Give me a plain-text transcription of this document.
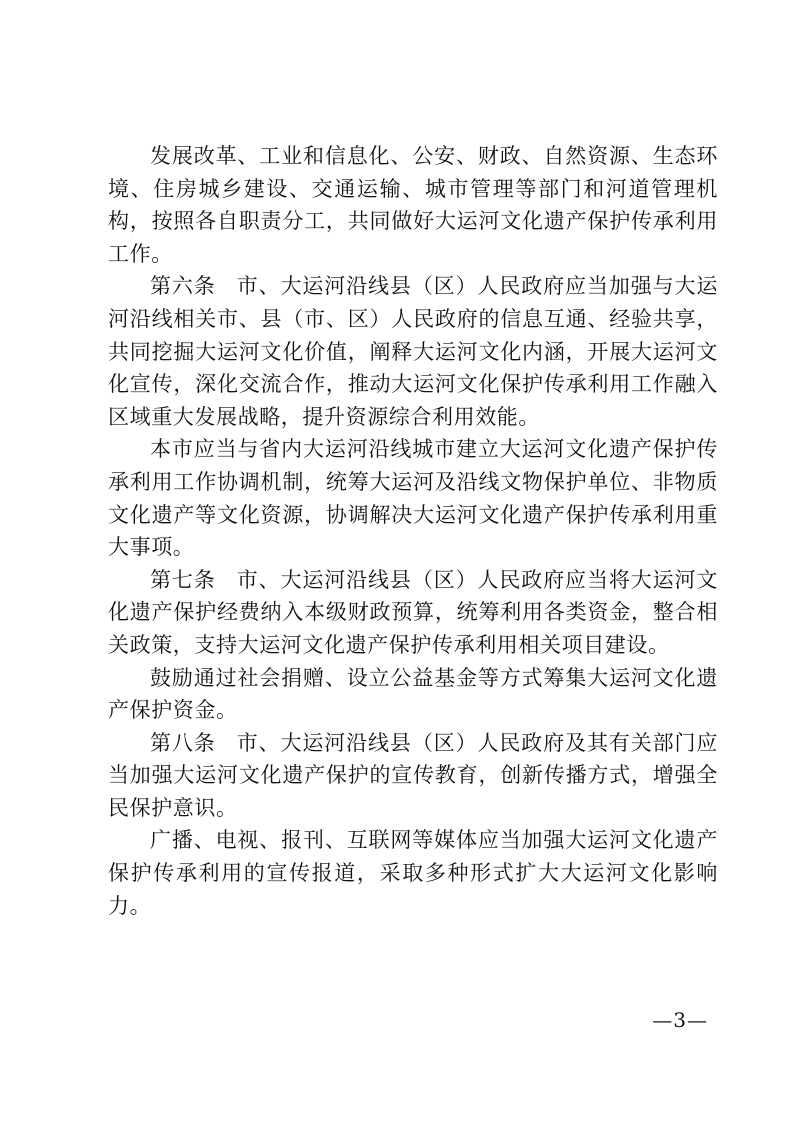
发展改革、工业和信息化、公安、财政、自然资源、生态环境、住房城乡建设、交通运输、城市管理等部门和河道管理机构，按照各自职责分工，共同做好大运河文化遗产保护传承利用工作。

第六条 市、大运河沿线县（区）人民政府应当加强与大运河沿线相关市、县（市、区）人民政府的信息互通、经验共享，共同挖掘大运河文化价值，阐释大运河文化内涵，开展大运河文化宣传，深化交流合作，推动大运河文化保护传承利用工作融入区域重大发展战略，提升资源综合利用效能。

本市应当与省内大运河沿线城市建立大运河文化遗产保护传承利用工作协调机制，统筹大运河及沿线文物保护单位、非物质文化遗产等文化资源，协调解决大运河文化遗产保护传承利用重大事项。

第七条 市、大运河沿线县（区）人民政府应当将大运河文化遗产保护经费纳入本级财政预算，统筹利用各类资金，整合相关政策，支持大运河文化遗产保护传承利用相关项目建设。

鼓励通过社会捐赠、设立公益基金等方式筹集大运河文化遗产保护资金。

第八条 市、大运河沿线县（区）人民政府及其有关部门应当加强大运河文化遗产保护的宣传教育，创新传播方式，增强全民保护意识。

广播、电视、报刊、互联网等媒体应当加强大运河文化遗产保护传承利用的宣传报道，采取多种形式扩大大运河文化影响力。

—3—
